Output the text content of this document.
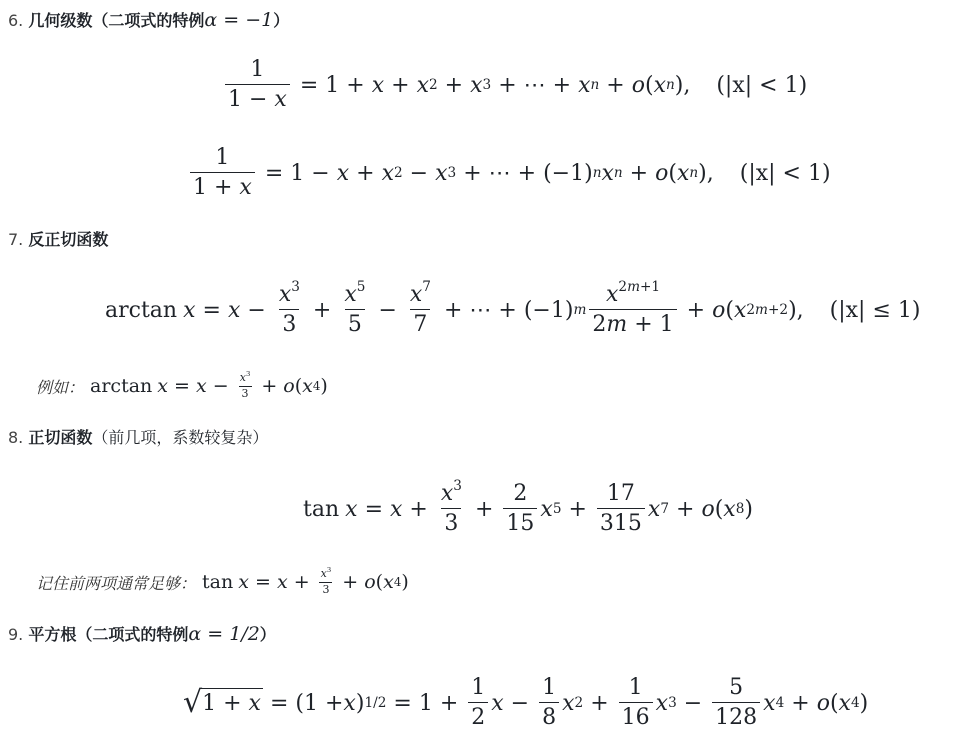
6. 几何级数（二项式的特例α = −1）
$\frac{1}{1 - x} = 1 + x + x$ 2 + x 3 + ⋯ + x n + o ( x n ), (|x| < 1)
$\frac{1}{1 + x} = 1 - x + x$ 2 − x 3 + ⋯ + (−1) n x n + o ( x n ), (|x| < 1)
7. 反正切函数
$\arctan x = x - \frac{x^3}{3} + \frac{x^5}{5} - \frac{x^7}{7}$ + ⋯ + (−1) m $\frac{x^{2m+1}}{2m + 1} + o$ ( x 2m+2 ), (|x| ≤ 1)
例如： $\arctan x = x - \frac{x^3}{3} + o$ ( x 4 )
8. 正切函数（前几项，系数较复杂）
$\tan x = x + \frac{x^3}{3} + \frac{2}{15}$ x $5 + \frac{17}{315}$ x 7 + o ( x 8 )
记住前两项通常足够： $\tan x = x + \frac{x^3}{3} + o$ ( x 4 )
9. 平方根（二项式的特例α = 1/2）
√ 1 + x = (1 + x ) $1/2 = 1 + \frac{1}{2}$ $x - \frac{1}{8}$ x $2 + \frac{1}{16}$ x $3 - \frac{5}{128}$ x 4 + o ( x 4 )
